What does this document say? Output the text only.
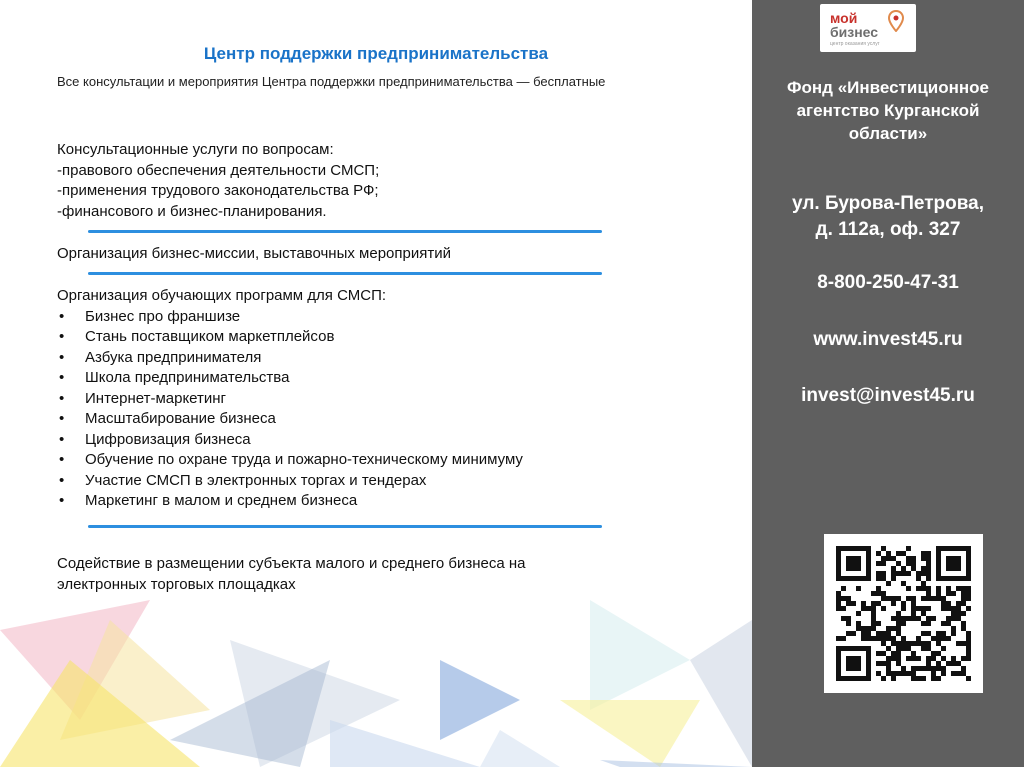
Центр поддержки предпринимательства
Все консультации и мероприятия Центра поддержки предпринимательства — бесплатные
Консультационные услуги по вопросам:
-правового обеспечения деятельности СМСП;
-применения трудового законодательства РФ;
-финансового и бизнес-планирования.
Организация бизнес-миссии, выставочных мероприятий
Организация обучающих программ для СМСП:
• Бизнес про франшизе
• Стань поставщиком маркетплейсов
• Азбука предпринимателя
• Школа предпринимательства
• Интернет-маркетинг
• Масштабирование бизнеса
• Цифровизация бизнеса
• Обучение по охране труда и пожарно-техническому минимуму
• Участие СМСП в электронных торгах и тендерах
• Маркетинг в малом и среднем бизнеса
Содействие в размещении субъекта малого и среднего бизнеса на
электронных торговых площадках
мой
бизнес
центр оказания услуг
Фонд «Инвестиционное
агентство Курганской
области»
ул. Бурова-Петрова,
д. 112а, оф. 327
8-800-250-47-31
www.invest45.ru
invest@invest45.ru
